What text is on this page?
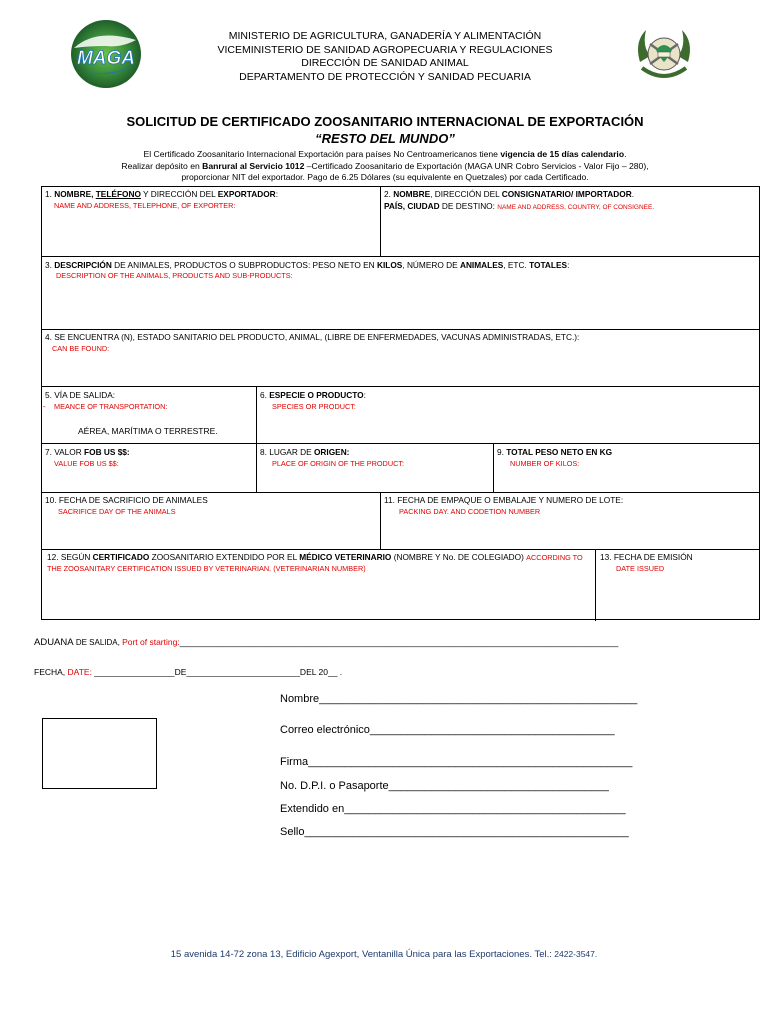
MAGA
MINISTERIO DE AGRICULTURA, GANADERÍA Y ALIMENTACIÓN
VICEMINISTERIO DE SANIDAD AGROPECUARIA Y REGULACIONES
DIRECCIÓN DE SANIDAD ANIMAL
DEPARTAMENTO DE PROTECCIÓN Y SANIDAD PECUARIA
SOLICITUD DE CERTIFICADO ZOOSANITARIO INTERNACIONAL DE EXPORTACIÓN
“RESTO DEL MUNDO”
El Certificado Zoosanitario Internacional Exportación para países No Centroamericanos tiene vigencia de 15 días calendario.
Realizar depósito en Banrural al Servicio 1012 –Certificado Zoosanitario de Exportación (MAGA UNR Cobro Servicios - Valor Fijo – 280),
proporcionar NIT del exportador. Pago de 6.25 Dólares (su equivalente en Quetzales) por cada Certificado.
1. NOMBRE, TELÉFONO Y DIRECCIÓN DEL EXPORTADOR:
NAME AND ADDRESS, TELEPHONE, OF EXPORTER:
2. NOMBRE, DIRECCIÓN DEL CONSIGNATARIO/ IMPORTADOR.
PAÍS, CIUDAD DE DESTINO: NAME AND ADDRESS, COUNTRY, OF CONSIGNEE.
3. DESCRIPCIÓN DE ANIMALES, PRODUCTOS O SUBPRODUCTOS: PESO NETO EN KILOS, NÚMERO DE ANIMALES, ETC. TOTALES:
DESCRIPTION OF THE ANIMALS, PRODUCTS AND SUB-PRODUCTS:
4. SE ENCUENTRA (N), ESTADO SANITARIO DEL PRODUCTO, ANIMAL, (LIBRE DE ENFERMEDADES, VACUNAS ADMINISTRADAS, ETC.):
CAN BE FOUND:
5. VÍA DE SALIDA:
- MEANCE OF TRANSPORTATION:
AÉREA, MARÍTIMA O TERRESTRE.
6. ESPECIE O PRODUCTO:
SPECIES OR PRODUCT:
7. VALOR FOB US $$:
VALUE FOB US $$:
8. LUGAR DE ORIGEN:
PLACE OF ORIGIN OF THE PRODUCT:
9. TOTAL PESO NETO EN KG
NUMBER OF KILOS:
10. FECHA DE SACRIFICIO DE ANIMALES
SACRIFICE DAY OF THE ANIMALS
11. FECHA DE EMPAQUE O EMBALAJE Y NUMERO DE LOTE:
PACKING DAY. AND CODETION NUMBER
12. SEGÚN CERTIFICADO ZOOSANITARIO EXTENDIDO POR EL MÉDICO VETERINARIO (NOMBRE Y No. DE COLEGIADO) ACCORDING TO
THE ZOOSANITARY CERTIFICATION ISSUED BY VETERINARIAN. (VETERINARIAN NUMBER)
13. FECHA DE EMISIÓN
DATE ISSUED
ADUANA DE SALIDA, Port of starting:___________________________________________________________________________________
FECHA, DATE: _________________DE________________________DEL 20__ .
Nombre____________________________________________________
Correo electrónico________________________________________
Firma_____________________________________________________
No. D.P.I. o Pasaporte____________________________________
Extendido en______________________________________________
Sello_____________________________________________________
15 avenida 14-72 zona 13, Edificio Agexport, Ventanilla Única para las Exportaciones. Tel.: 2422-3547.
